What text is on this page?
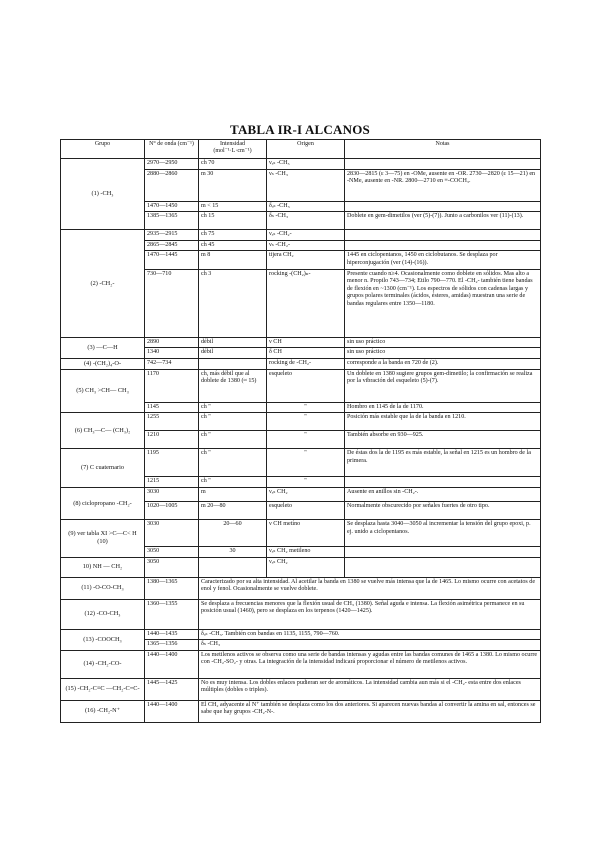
TABLA IR-I ALCANOS
Grupo	N° de onda (cm⁻¹)	Intensidad (mol⁻¹·L·cm⁻¹)	Origen	Notas
(1) -CH₃	2970—2950	ch 70	νₐₛ -CH₃	
	2880—2860	m 30	νₛ -CH₃	2830—2815 (ε 3—75) en -OMe, ausente en -OR. 2730—2820 (ε 15—21) en -NMe, ausente en -NR. 2800—2710 en ≡-COCH₃.
	1470—1450	m < 15	δₐₛ -CH₃	
	1385—1365	ch 15	δₛ -CH₃	Doblete en gem-dimetilos (ver (5)-(7)). Junto a carbonilos ver (11)-(13).
(2) -CH₂-	2935—2915	ch 75	νₐₛ -CH₂-	
	2865—2845	ch 45	νₛ -CH₂-	
	1470—1445	m 8	tijera CH₂	1445 en ciclopentanos, 1450 en ciclobutanos. Se desplaza por hiperconjugación (ver (14)-(16)).
	730—710	ch 3	rocking -(CH₂)ₙ-	Presente cuando n≥4. Ocasionalmente como doblete en sólidos. Mas alto a menor n. Propilo 743—734; Etilo 790—770. El -CH₂- también tiene bandas de flexión en ~1300 (cm⁻¹). Los espectros de sólidos con cadenas largas y grupos polares terminales (ácidos, ésteres, amidas) muestran una serie de bandas regulares entre 1350—1180.
(3) ―C―H	2890	débil	ν CH	sin uso práctico
	1340	débil	δ CH	sin uso práctico
(4) -(CH₂)₄-O-	742—734		rocking de -CH₂-	corresponde a la banda en 720 de (2).
(5) CH₃ >CH― CH₃	1170	ch, más débil que al doblete de 1380 (≈ 15)	esqueleto	Un doblete en 1380 sugiere grupos gem-dimetilo; la confirmación se realiza por la vibración del esqueleto (5)-(7).
	1145	ch "	"	Hombro en 1145 de la de 1170.
(6) CH₃―C― (CH₃)₂	1255	ch "	"	Posición más estable que la de la banda en 1210.
	1210	ch "	"	También absorbe en 930—925.
(7) C cuaternario	1195	ch "	"	De éstas dos la de 1195 es más estable, la señal en 1215 es un hombro de la primera.
	1215	ch "	"	
(8) ciclopropano -CH₂-	3030	m	νₐₛ CH₂	Ausente en anillos sin -CH₂-.
	1020—1005	m 20—80	esqueleto	Normalmente obscurecido por señales fuertes de otro tipo.
(9) ver tabla XI >C―C< H (10)	3030	20—60	ν CH metíno	Se desplaza hasta 3040—3050 al incrementar la tensión del grupo epoxi, p. ej. unido a ciclopentanos.
	3050	30	νₐₛ CH₂ metileno	
10) NH ― CH₂	3050		νₐₛ CH₂	
(11) -O-CO-CH₃	1380—1365	Caracterizado por su alta intensidad. Al acetilar la banda en 1380 se vuelve más intensa que la de 1465. Lo mismo ocurre con acetatos de enol y fenol. Ocasionalmente se vuelve doblete.		
(12) -CO-CH₃	1360—1355	Se desplaza a frecuencias menores que la flexión usual de CH₃ (1380). Señal aguda e intensa. La flexión asimétrica permanece en su posición usual (1460), pero se desplaza en los terpenos (1420—1425).		
(13) -COOCH₃	1440—1435	δₐₛ -CH₃. También con bandas en 1135, 1155, 790—760.		
	1365—1356	δₛ -CH₃		
(14) -CH₂-CO-	1440—1400	Los metilenos activos se observa como una serie de bandas intensas y agudas entre las bandas comunes de 1465 a 1380. Lo mismo ocurre con -CH₂-SO₂- y otras. La integración de la intensidad indicará proporcionar el número de metilenos activos.		
(15) -CH₂-C≡C ―CH₂-C=C-	1445—1425	No es muy intensa. Los dobles enlaces pudieran ser de aromáticos. La intensidad cambia aun más si el -CH₂- esta entre dos enlaces múltiples (dobles o triples).		
(16) -CH₂-N⁺	1440—1400	El CH₂ adyacente al N⁺ también se desplaza como los dos anteriores. Si aparecen nuevas bandas al convertir la amina en sal, entonces se sabe que hay grupos -CH₂-N-.		
